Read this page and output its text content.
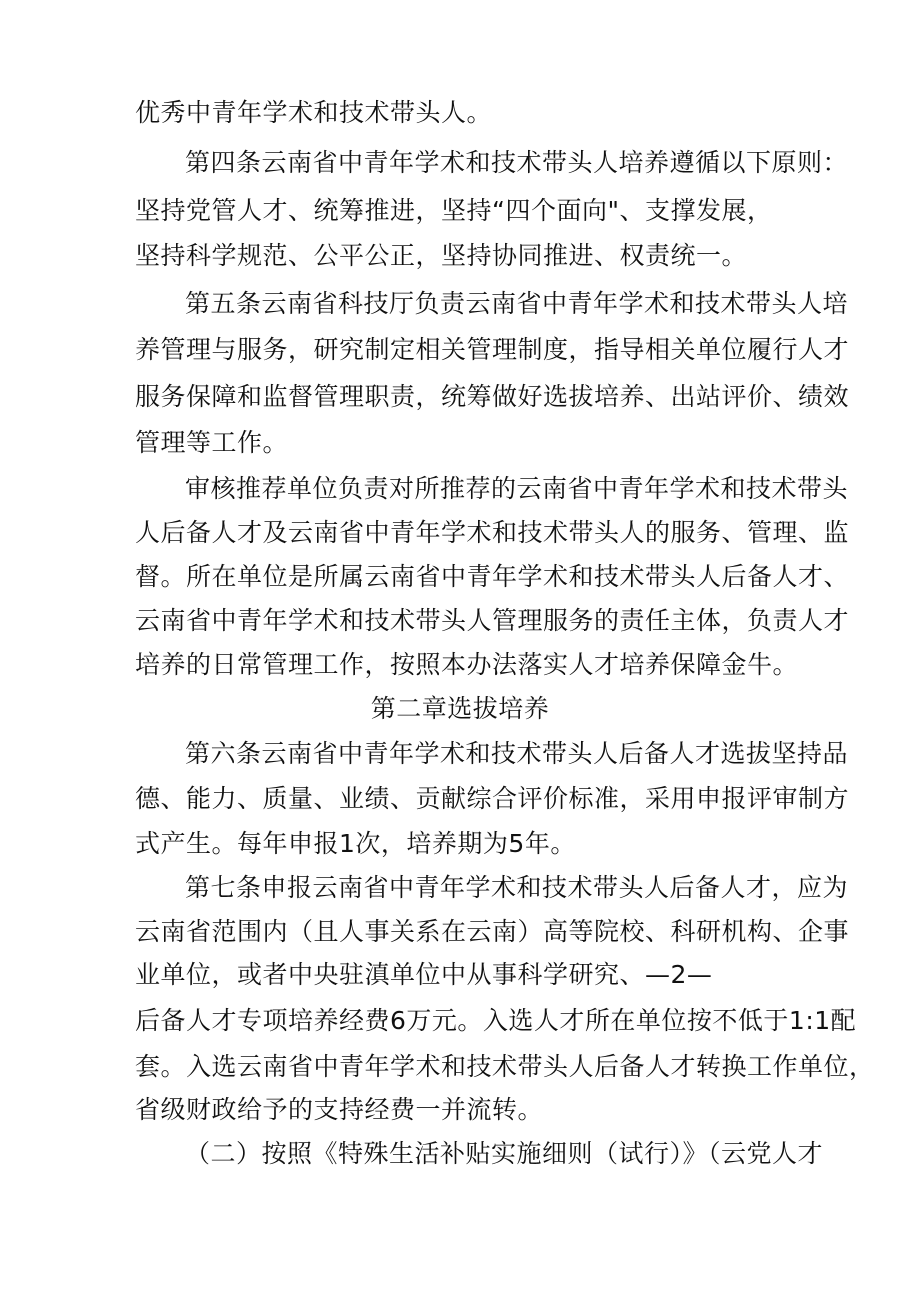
优秀中青年学术和技术带头人。
第四条云南省中青年学术和技术带头人培养遵循以下原则：
坚持党管人才、统筹推进，坚持“四个面向"、支撑发展，
坚持科学规范、公平公正，坚持协同推进、权责统一。
第五条云南省科技厅负责云南省中青年学术和技术带头人培
养管理与服务，研究制定相关管理制度，指导相关单位履行人才
服务保障和监督管理职责，统筹做好选拔培养、出站评价、绩效
管理等工作。
审核推荐单位负责对所推荐的云南省中青年学术和技术带头
人后备人才及云南省中青年学术和技术带头人的服务、管理、监
督。所在单位是所属云南省中青年学术和技术带头人后备人才、
云南省中青年学术和技术带头人管理服务的责任主体，负责人才
培养的日常管理工作，按照本办法落实人才培养保障金牛。
第二章选拔培养
第六条云南省中青年学术和技术带头人后备人才选拔坚持品
德、能力、质量、业绩、贡献综合评价标准，采用申报评审制方
式产生。每年申报1次，培养期为5年。
第七条申报云南省中青年学术和技术带头人后备人才，应为
云南省范围内（且人事关系在云南）高等院校、科研机构、企事
业单位，或者中央驻滇单位中从事科学研究、—2—
后备人才专项培养经费6万元。入选人才所在单位按不低于1:1配
套。入选云南省中青年学术和技术带头人后备人才转换工作单位，
省级财政给予的支持经费一并流转。
（二）按照《特殊生活补贴实施细则（试行）》（云党人才
